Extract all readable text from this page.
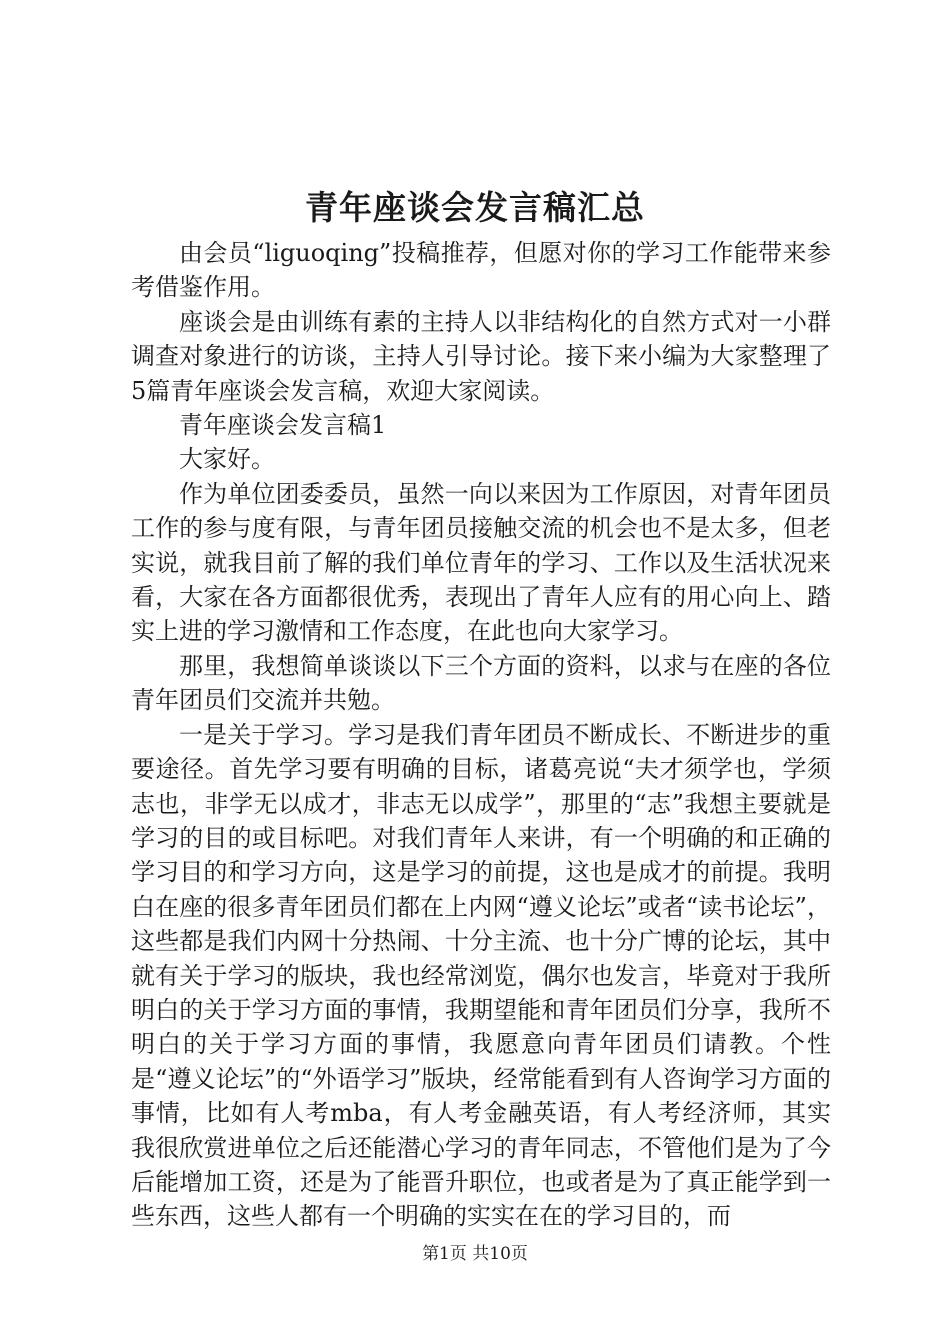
青年座谈会发言稿汇总

由会员“liguoqing”投稿推荐，但愿对你的学习工作能带来参考借鉴作用。

座谈会是由训练有素的主持人以非结构化的自然方式对一小群调查对象进行的访谈，主持人引导讨论。接下来小编为大家整理了5篇青年座谈会发言稿，欢迎大家阅读。

青年座谈会发言稿1

大家好。

作为单位团委委员，虽然一向以来因为工作原因，对青年团员工作的参与度有限，与青年团员接触交流的机会也不是太多，但老实说，就我目前了解的我们单位青年的学习、工作以及生活状况来看，大家在各方面都很优秀，表现出了青年人应有的用心向上、踏实上进的学习激情和工作态度，在此也向大家学习。

那里，我想简单谈谈以下三个方面的资料，以求与在座的各位青年团员们交流并共勉。

一是关于学习。学习是我们青年团员不断成长、不断进步的重要途径。首先学习要有明确的目标，诸葛亮说“夫才须学也，学须志也，非学无以成才，非志无以成学”，那里的“志”我想主要就是学习的目的或目标吧。对我们青年人来讲，有一个明确的和正确的学习目的和学习方向，这是学习的前提，这也是成才的前提。我明白在座的很多青年团员们都在上内网“遵义论坛”或者“读书论坛”，这些都是我们内网十分热闹、十分主流、也十分广博的论坛，其中就有关于学习的版块，我也经常浏览，偶尔也发言，毕竟对于我所明白的关于学习方面的事情，我期望能和青年团员们分享，我所不明白的关于学习方面的事情，我愿意向青年团员们请教。个性是“遵义论坛”的“外语学习”版块，经常能看到有人咨询学习方面的事情，比如有人考mba，有人考金融英语，有人考经济师，其实我很欣赏进单位之后还能潜心学习的青年同志，不管他们是为了今后能增加工资，还是为了能晋升职位，也或者是为了真正能学到一些东西，这些人都有一个明确的实实在在的学习目的，而

第1页 共10页
